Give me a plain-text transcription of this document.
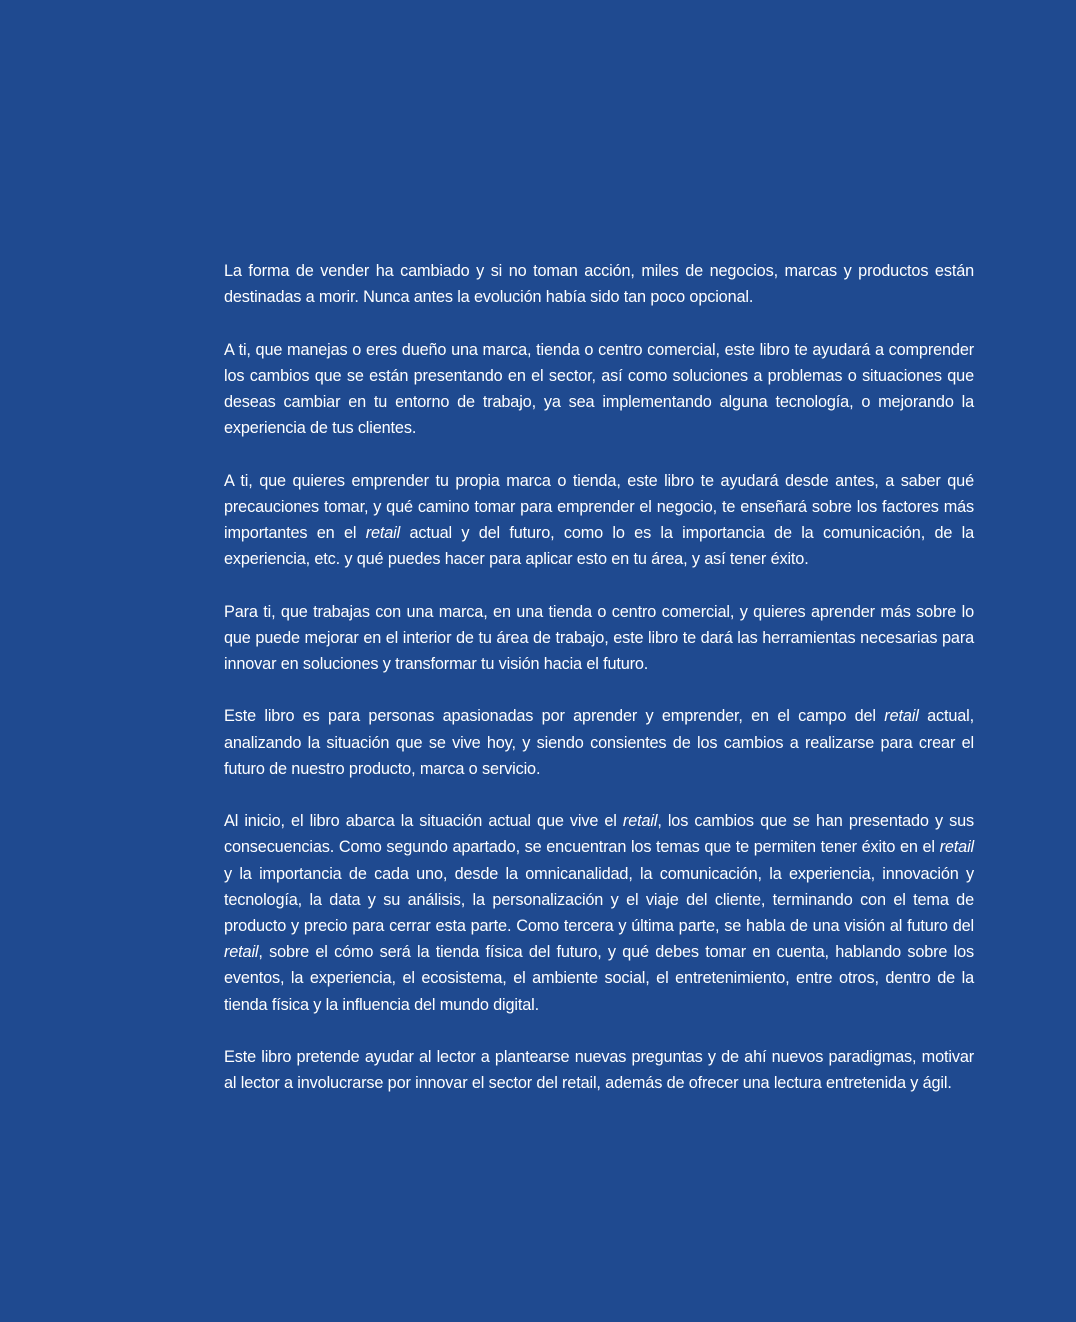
La forma de vender ha cambiado y si no toman acción, miles de negocios, marcas y productos están destinadas a morir. Nunca antes la evolución había sido tan poco opcional.

A ti, que manejas o eres dueño una marca, tienda o centro comercial, este libro te ayudará a comprender los cambios que se están presentando en el sector, así como soluciones a problemas o situaciones que deseas cambiar en tu entorno de trabajo, ya sea implementando alguna tecnología, o mejorando la experiencia de tus clientes.

A ti, que quieres emprender tu propia marca o tienda, este libro te ayudará desde antes, a saber qué precauciones tomar, y qué camino tomar para emprender el negocio, te enseñará sobre los factores más importantes en el retail actual y del futuro, como lo es la importancia de la comunicación, de la experiencia, etc. y qué puedes hacer para aplicar esto en tu área, y así tener éxito.

Para ti, que trabajas con una marca, en una tienda o centro comercial, y quieres aprender más sobre lo que puede mejorar en el interior de tu área de trabajo, este libro te dará las herramientas necesarias para innovar en soluciones y transformar tu visión hacia el futuro.

Este libro es para personas apasionadas por aprender y emprender, en el campo del retail actual, analizando la situación que se vive hoy, y siendo consientes de los cambios a realizarse para crear el futuro de nuestro producto, marca o servicio.

Al inicio, el libro abarca la situación actual que vive el retail, los cambios que se han presentado y sus consecuencias. Como segundo apartado, se encuentran los temas que te permiten tener éxito en el retail y la importancia de cada uno, desde la omnicanalidad, la comunicación, la experiencia, innovación y tecnología, la data y su análisis, la personalización y el viaje del cliente, terminando con el tema de producto y precio para cerrar esta parte. Como tercera y última parte, se habla de una visión al futuro del retail, sobre el cómo será la tienda física del futuro, y qué debes tomar en cuenta, hablando sobre los eventos, la experiencia, el ecosistema, el ambiente social, el entretenimiento, entre otros, dentro de la tienda física y la influencia del mundo digital.

Este libro pretende ayudar al lector a plantearse nuevas preguntas y de ahí nuevos paradigmas, motivar al lector a involucrarse por innovar el sector del retail, además de ofrecer una lectura entretenida y ágil.
